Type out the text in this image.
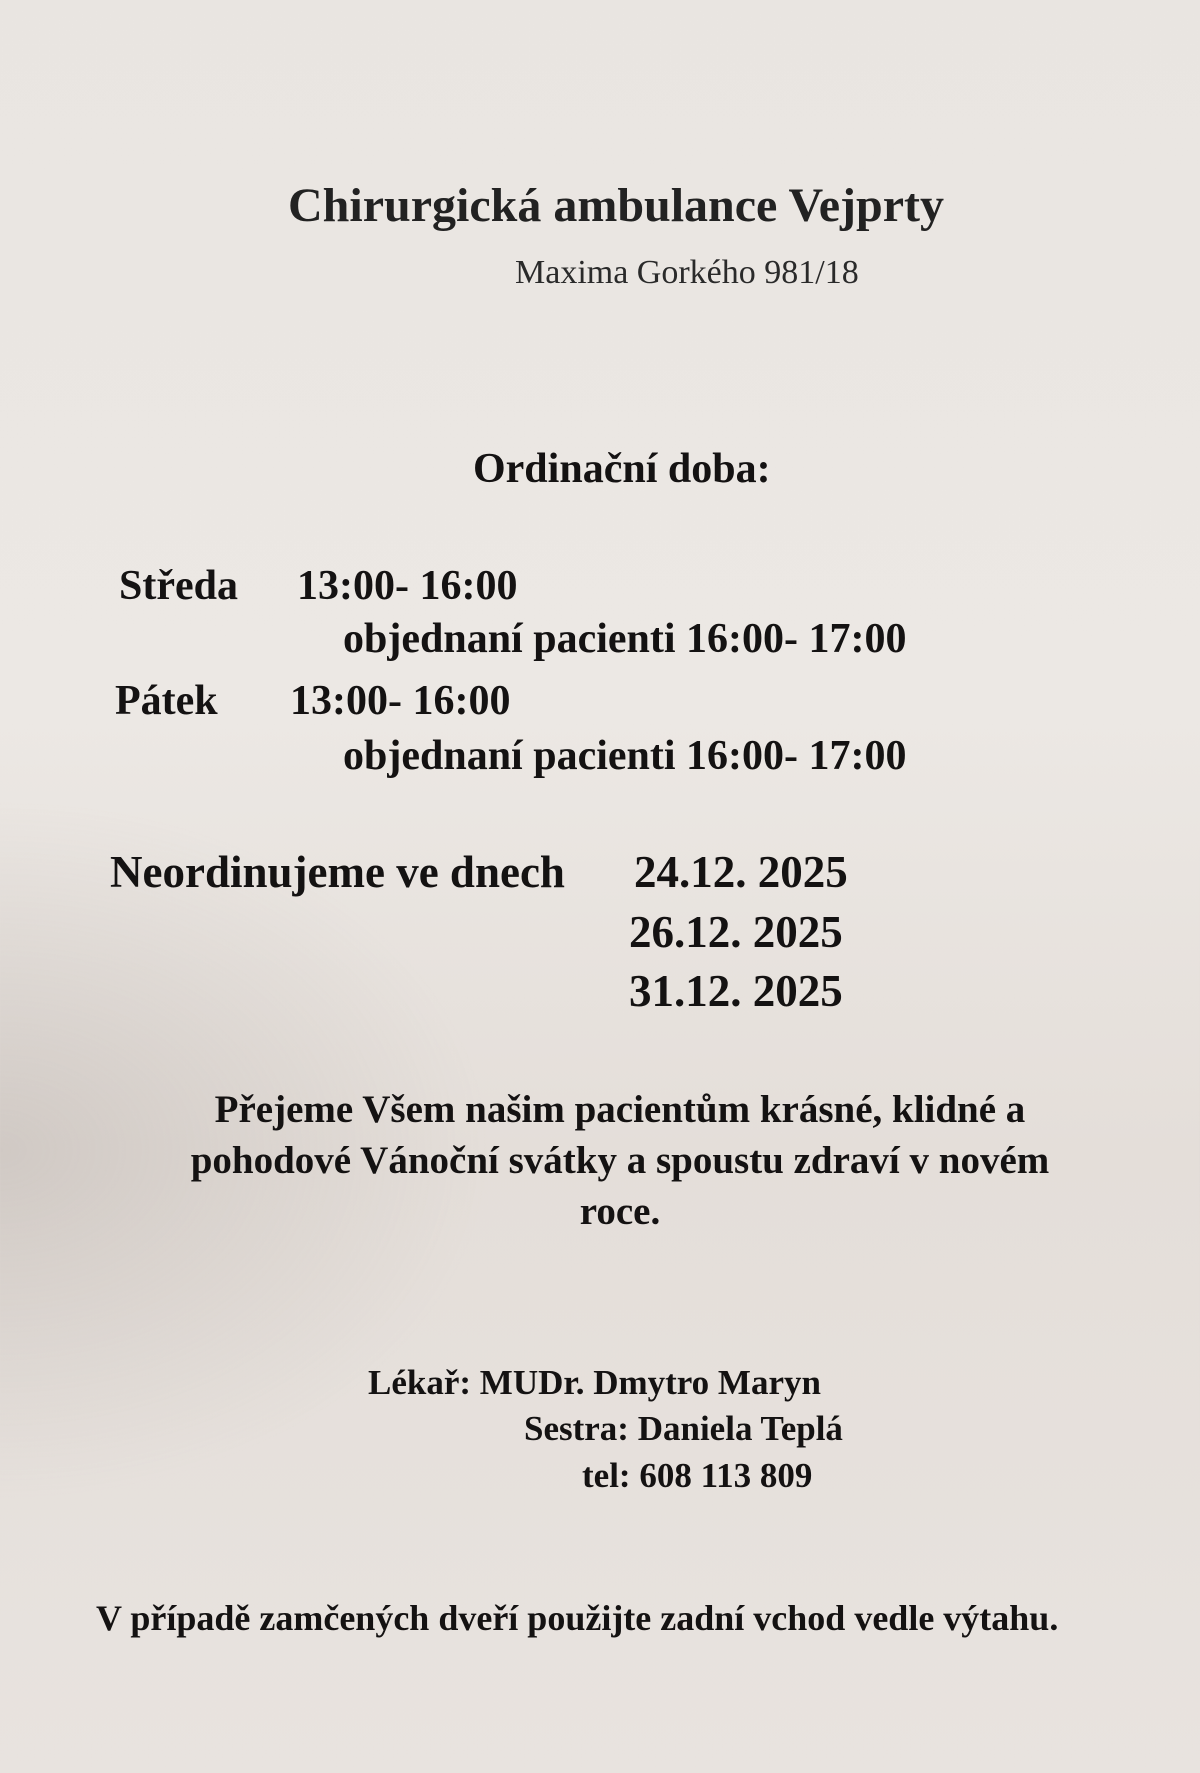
Chirurgická ambulance Vejprty
Maxima Gorkého 981/18
Ordinační doba:
Středa 13:00- 16:00
objednaní pacienti 16:00- 17:00
Pátek 13:00- 16:00
objednaní pacienti 16:00- 17:00
Neordinujeme ve dnech 24.12. 2025
26.12. 2025
31.12. 2025
Přejeme Všem našim pacientům krásné, klidné a
pohodové Vánoční svátky a spoustu zdraví v novém
roce.
Lékař: MUDr. Dmytro Maryn
Sestra: Daniela Teplá
tel: 608 113 809
V případě zamčených dveří použijte zadní vchod vedle výtahu.
